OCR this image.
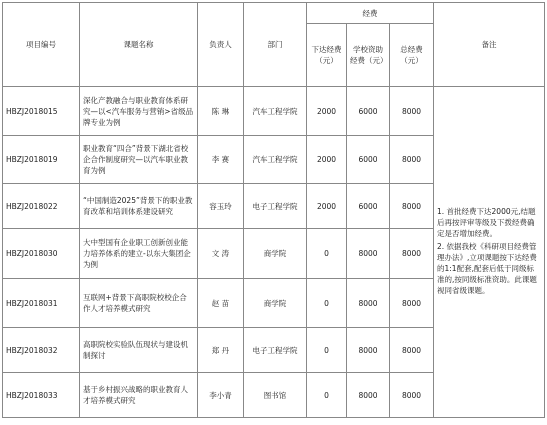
项目编号	课题名称	负责人	部门	经费			备注
				下达经费（元）	学校资助经费（元）	总经费（元）	
HBZJ2018015	深化产教融合与职业教育体系研究—以<汽车服务与营销>省级品牌专业为例	陈 琳	汽车工程学院	2000	6000	8000	1. 首批经费下达2000元,结题后再按评审等级及下拨经费确定是否增加经费。
2. 依据我校《科研项目经费管理办法》,立项课题按下达经费的1:1配套,配套后低于同级标准的,按同级标准资助。此课题视同省级课题。

HBZJ2018019	职业教育“四合”背景下湖北省校企合作制度研究—以汽车职业教育为例	李 赛	汽车工程学院	2000	6000	8000	
HBZJ2018022	“中国制造2025”背景下的职业教育改革和培训体系建设研究	容玉玲	电子工程学院	2000	6000	8000	
HBZJ2018030	大中型国有企业职工创新创业能力培养体系的建立-以东大集团企为例	文 涛	商学院	0	8000	8000	
HBZJ2018031	互联网+背景下高职院校校企合作人才培养模式研究	赵 苗	商学院	0	8000	8000	
HBZJ2018032	高职院校实验队伍现状与建设机制探讨	郑 丹	电子工程学院	0	8000	8000	
HBZJ2018033	基于乡村振兴战略的职业教育人才培养模式研究	李小青	图书馆	0	8000	8000	
